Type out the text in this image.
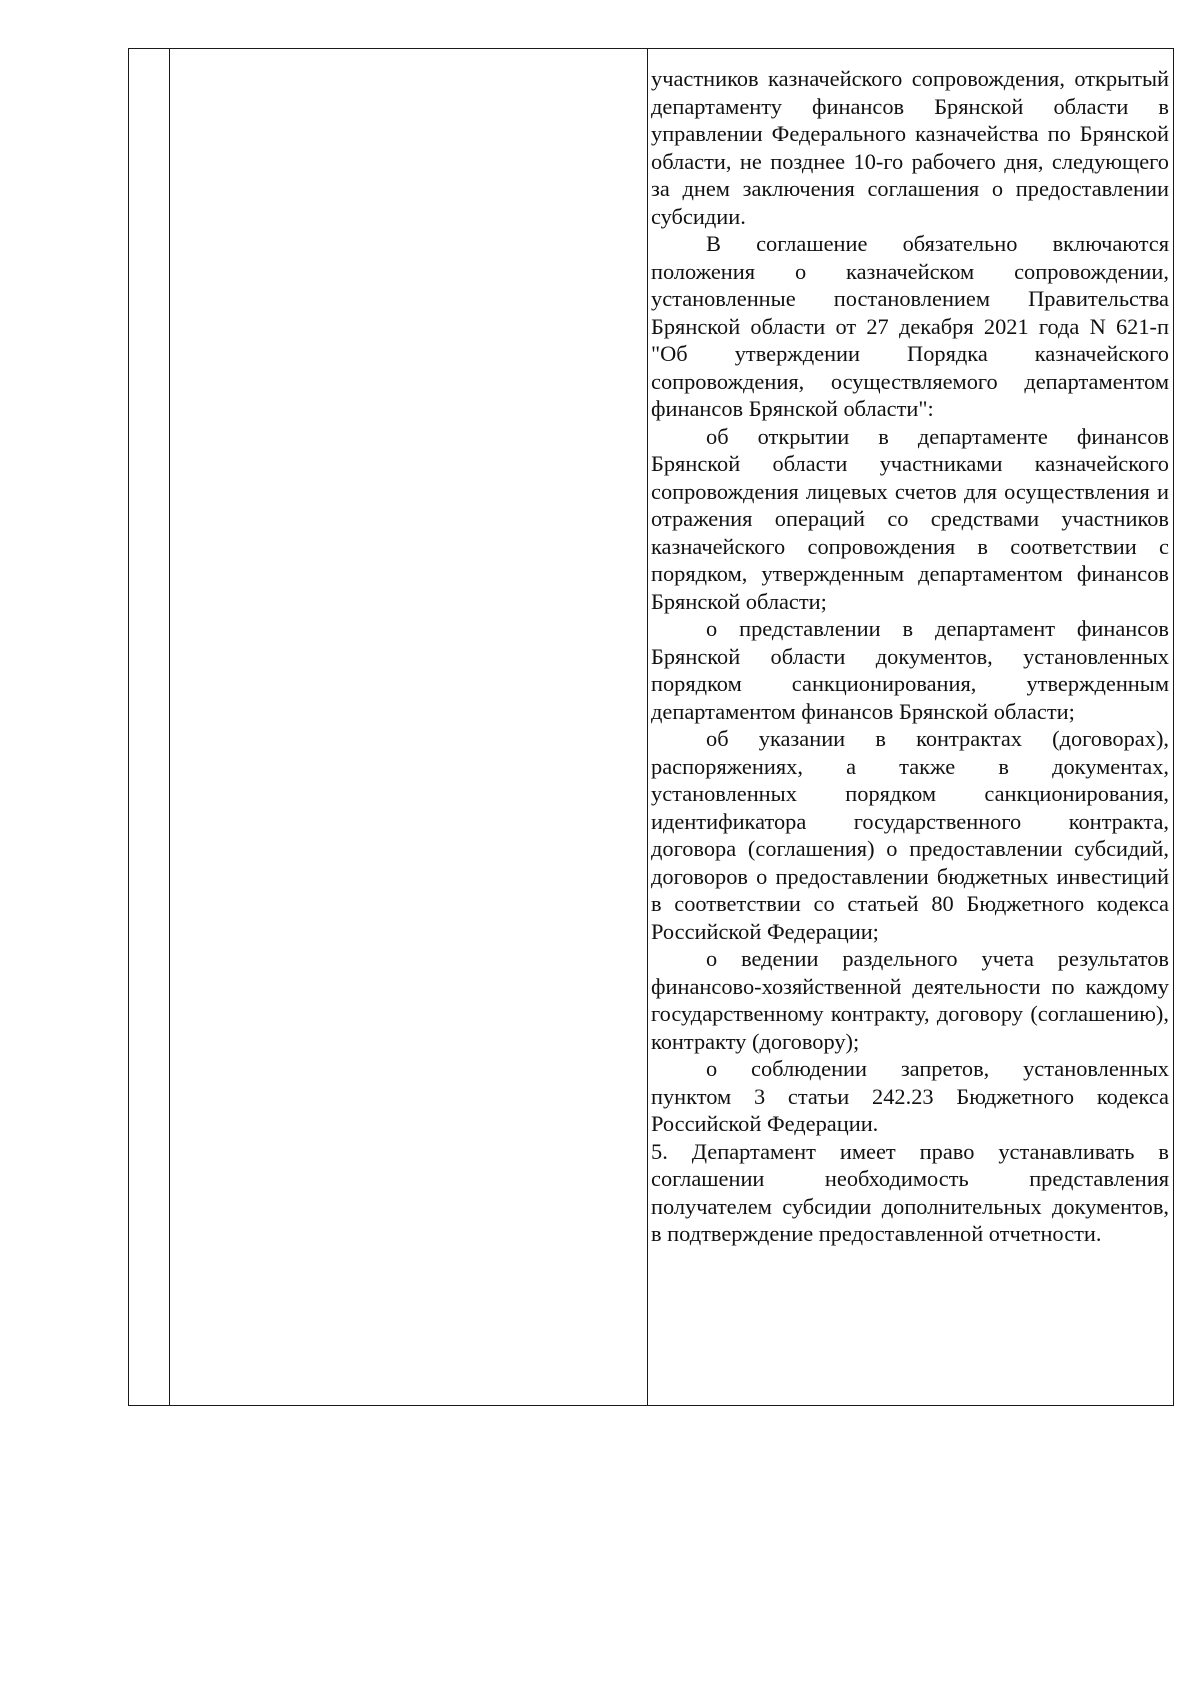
участников казначейского сопровождения, открытый департаменту финансов Брянской области в управлении Федерального казначейства по Брянской области, не позднее 10-го рабочего дня, следующего за днем заключения соглашения о предоставлении субсидии.

В соглашение обязательно включаются положения о казначейском сопровождении, установленные постановлением Правительства Брянской области от 27 декабря 2021 года N 621-п "Об утверждении Порядка казначейского сопровождения, осуществляемого департаментом финансов Брянской области":

об открытии в департаменте финансов Брянской области участниками казначейского сопровождения лицевых счетов для осуществления и отражения операций со средствами участников казначейского сопровождения в соответствии с порядком, утвержденным департаментом финансов Брянской области;

о представлении в департамент финансов Брянской области документов, установленных порядком санкционирования, утвержденным департаментом финансов Брянской области;

об указании в контрактах (договорах), распоряжениях, а также в документах, установленных порядком санкционирования, идентификатора государственного контракта, договора (соглашения) о предоставлении субсидий, договоров о предоставлении бюджетных инвестиций в соответствии со статьей 80 Бюджетного кодекса Российской Федерации;

о ведении раздельного учета результатов финансово-хозяйственной деятельности по каждому государственному контракту, договору (соглашению), контракту (договору);

о соблюдении запретов, установленных пунктом 3 статьи 242.23 Бюджетного кодекса Российской Федерации.

5. Департамент имеет право устанавливать в соглашении необходимость представления получателем субсидии дополнительных документов, в подтверждение предоставленной отчетности.
